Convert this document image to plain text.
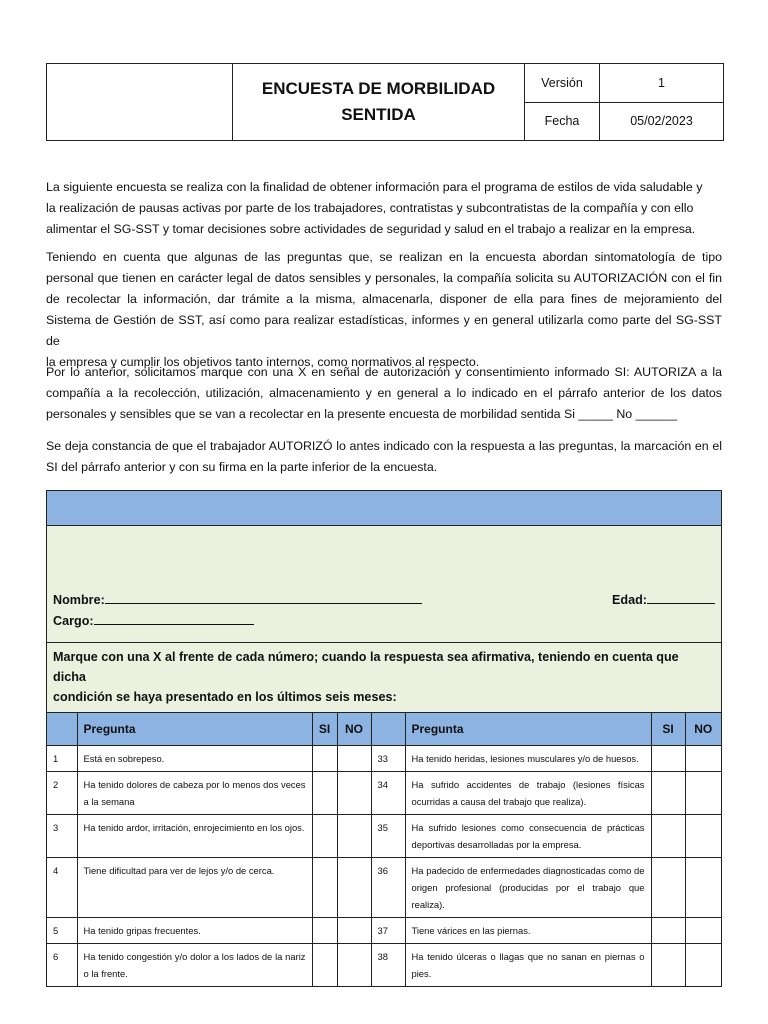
	ENCUESTA DE MORBILIDAD
SENTIDA	Versión	1
		Fecha	05/02/2023
La siguiente encuesta se realiza con la finalidad de obtener información para el programa de estilos de vida saludable y
la realización de pausas activas por parte de los trabajadores, contratistas y subcontratistas de la compañía y con ello
alimentar el SG-SST y tomar decisiones sobre actividades de seguridad y salud en el trabajo a realizar en la empresa.
Teniendo en cuenta que algunas de las preguntas que, se realizan en la encuesta abordan sintomatología de tipo
personal que tienen en carácter legal de datos sensibles y personales, la compañía solicita su AUTORIZACIÓN con el fin
de recolectar la información, dar trámite a la misma, almacenarla, disponer de ella para fines de mejoramiento del
Sistema de Gestión de SST, así como para realizar estadísticas, informes y en general utilizarla como parte del SG-SST de
la empresa y cumplir los objetivos tanto internos, como normativos al respecto.
Por lo anterior, solicitamos marque con una X en señal de autorización y consentimiento informado SI: AUTORIZA a la
compañía a la recolección, utilización, almacenamiento y en general a lo indicado en el párrafo anterior de los datos
personales y sensibles que se van a recolectar en la presente encuesta de morbilidad sentida Si _____ No ______
Se deja constancia de que el trabajador AUTORIZÓ lo antes indicado con la respuesta a las preguntas, la marcación en el
SI del párrafo anterior y con su firma en la parte inferior de la encuesta.
Nombre:	Edad:
Cargo:
Marque con una X al frente de cada número; cuando la respuesta sea afirmativa, teniendo en cuenta que dicha
condición se haya presentado en los últimos seis meses:
	Pregunta	SI	NO		Pregunta	SI	NO
1	Está en sobrepeso.			33	Ha tenido heridas, lesiones musculares y/o de huesos.		
2	Ha tenido dolores de cabeza por lo menos dos veces a la semana			34	Ha sufrido accidentes de trabajo (lesiones físicas ocurridas a causa del trabajo que realiza).		
3	Ha tenido ardor, irritación, enrojecimiento en los ojos.			35	Ha sufrido lesiones como consecuencia de prácticas deportivas desarrolladas por la empresa.		
4	Tiene dificultad para ver de lejos y/o de cerca.			36	Ha padecido de enfermedades diagnosticadas como de origen profesional (producidas por el trabajo que realiza).		
5	Ha tenido gripas frecuentes.			37	Tiene várices en las piernas.		
6	Ha tenido congestión y/o dolor a los lados de la nariz o la frente.			38	Ha tenido úlceras o llagas que no sanan en piernas o pies.		
